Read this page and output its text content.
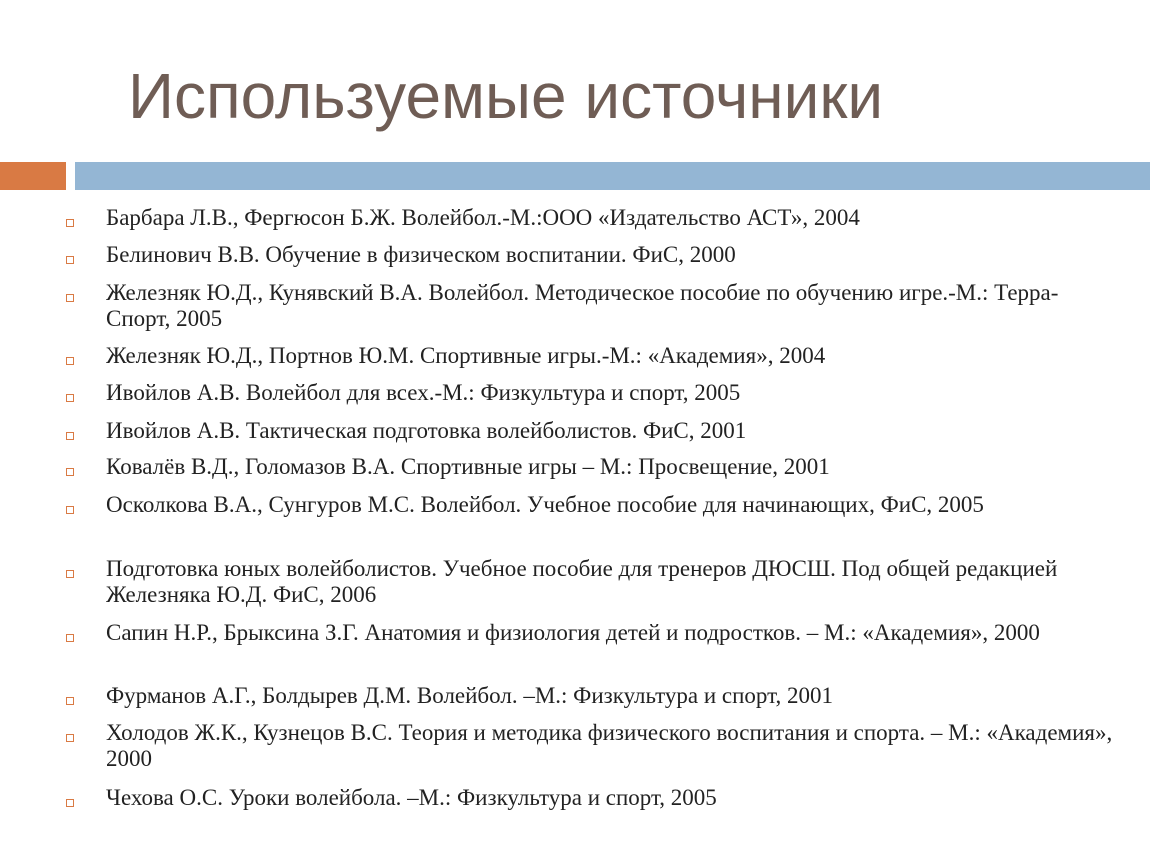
Используемые источники

Барбара Л.В., Фергюсон Б.Ж. Волейбол.-М.:ООО «Издательство АСТ», 2004

Белинович В.В. Обучение в физическом воспитании. ФиС, 2000

Железняк Ю.Д., Кунявский В.А. Волейбол. Методическое пособие по обучению игре.-М.: Терра-Спорт, 2005

Железняк Ю.Д., Портнов Ю.М. Спортивные игры.-М.: «Академия», 2004

Ивойлов А.В. Волейбол для всех.-М.: Физкультура и спорт, 2005

Ивойлов А.В. Тактическая подготовка волейболистов. ФиС, 2001

Ковалёв В.Д., Голомазов В.А. Спортивные игры – М.: Просвещение, 2001

Осколкова В.А., Сунгуров М.С. Волейбол. Учебное пособие для начинающих, ФиС, 2005

Подготовка юных волейболистов. Учебное пособие для тренеров ДЮСШ. Под общей редакцией Железняка Ю.Д. ФиС, 2006

Сапин Н.Р., Брыксина З.Г. Анатомия и физиология детей и подростков. – М.: «Академия», 2000

Фурманов А.Г., Болдырев Д.М. Волейбол. –М.: Физкультура и спорт, 2001

Холодов Ж.К., Кузнецов В.С. Теория и методика физического воспитания и спорта. – М.: «Академия», 2000

Чехова О.С. Уроки волейбола. –М.: Физкультура и спорт, 2005
